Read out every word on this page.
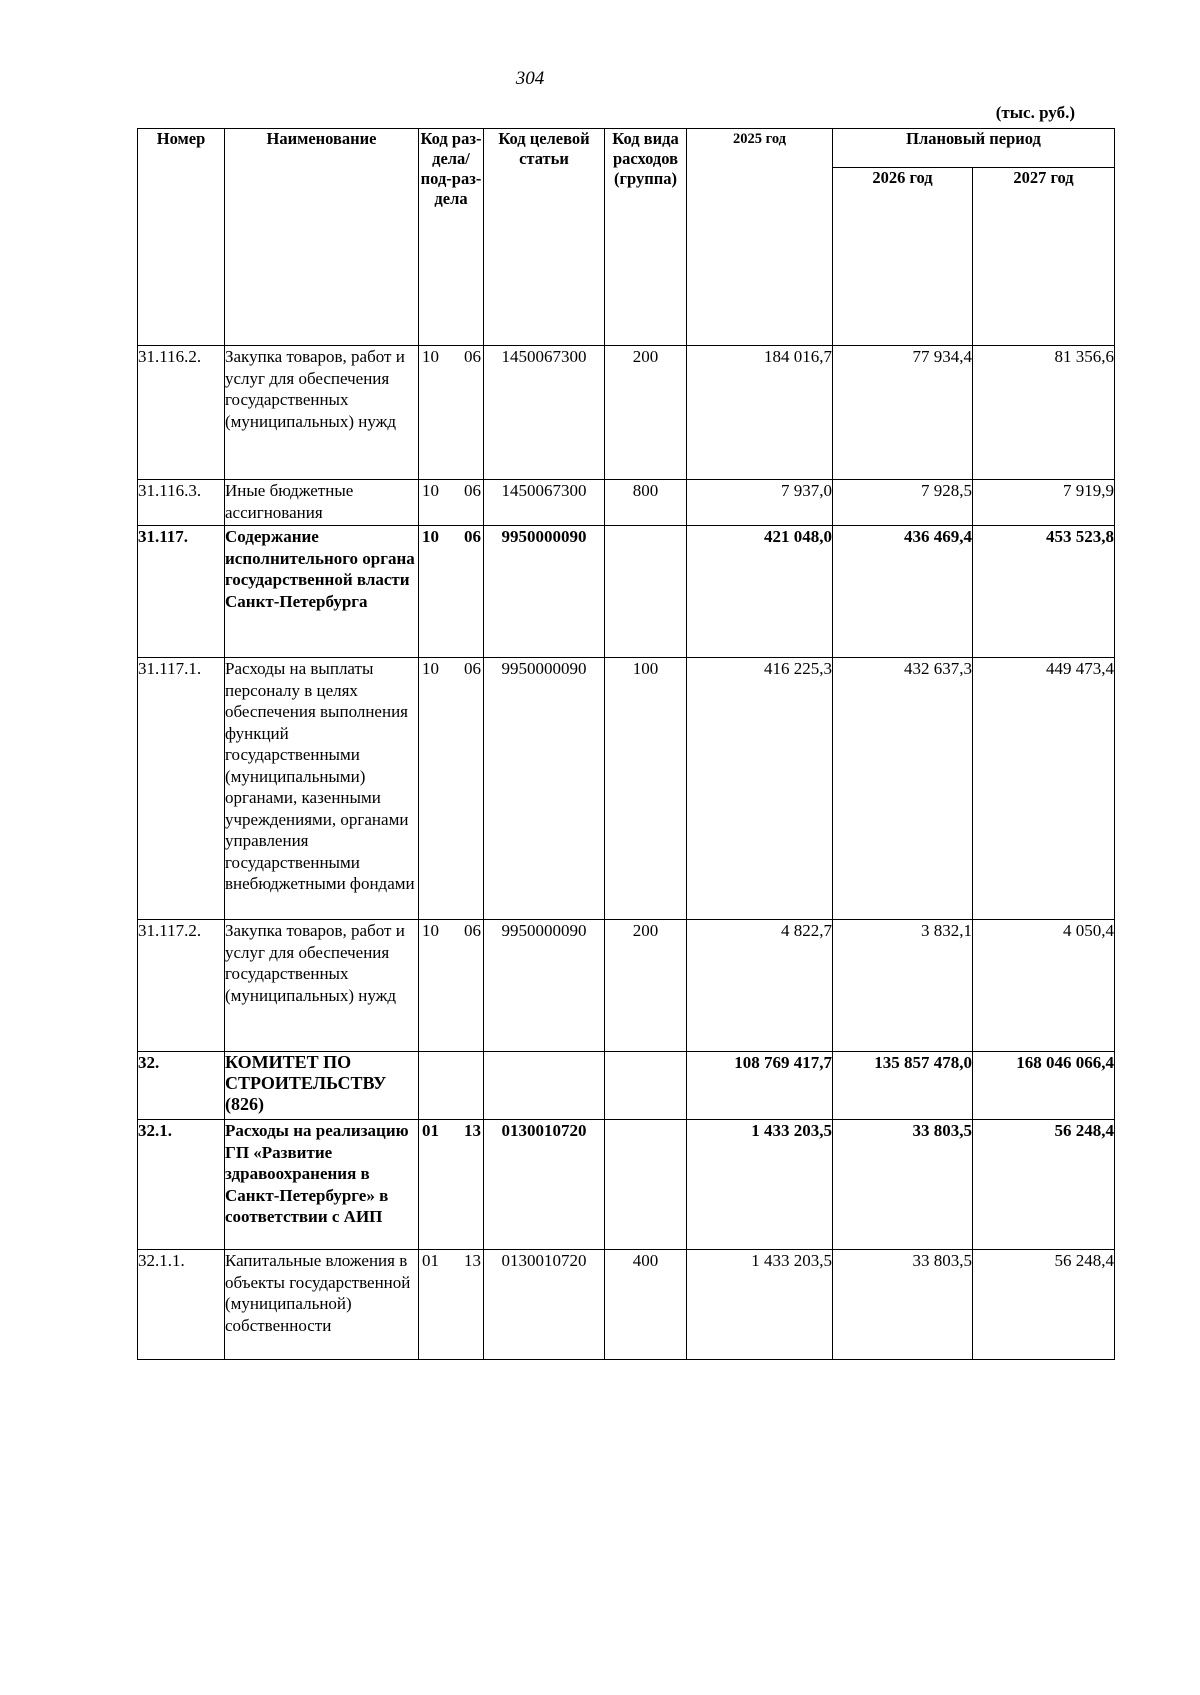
304
(тыс. руб.)
Номер	Наименование	Код раз-дела/ под-раз-дела	Код целевой статьи	Код вида расходов (группа)	2025 год	Плановый период	
						2026 год	2027 год
31.116.2.	Закупка товаров, работ и услуг для обеспечения государственных (муниципальных) нужд	10 06	1450067300	200	184 016,7	77 934,4	81 356,6
31.116.3.	Иные бюджетные ассигнования	10 06	1450067300	800	7 937,0	7 928,5	7 919,9
31.117.	Содержание исполнительного органа государственной власти Санкт-Петербурга	10 06	9950000090		421 048,0	436 469,4	453 523,8
31.117.1.	Расходы на выплаты персоналу в целях обеспечения выполнения функций государственными (муниципальными) органами, казенными учреждениями, органами управления государственными внебюджетными фондами	10 06	9950000090	100	416 225,3	432 637,3	449 473,4
31.117.2.	Закупка товаров, работ и услуг для обеспечения государственных (муниципальных) нужд	10 06	9950000090	200	4 822,7	3 832,1	4 050,4
32.	КОМИТЕТ ПО СТРОИТЕЛЬСТВУ (826)				108 769 417,7	135 857 478,0	168 046 066,4
32.1.	Расходы на реализацию ГП «Развитие здравоохранения в Санкт-Петербурге» в соответствии с АИП	01 13	0130010720		1 433 203,5	33 803,5	56 248,4
32.1.1.	Капитальные вложения в объекты государственной (муниципальной) собственности	01 13	0130010720	400	1 433 203,5	33 803,5	56 248,4
